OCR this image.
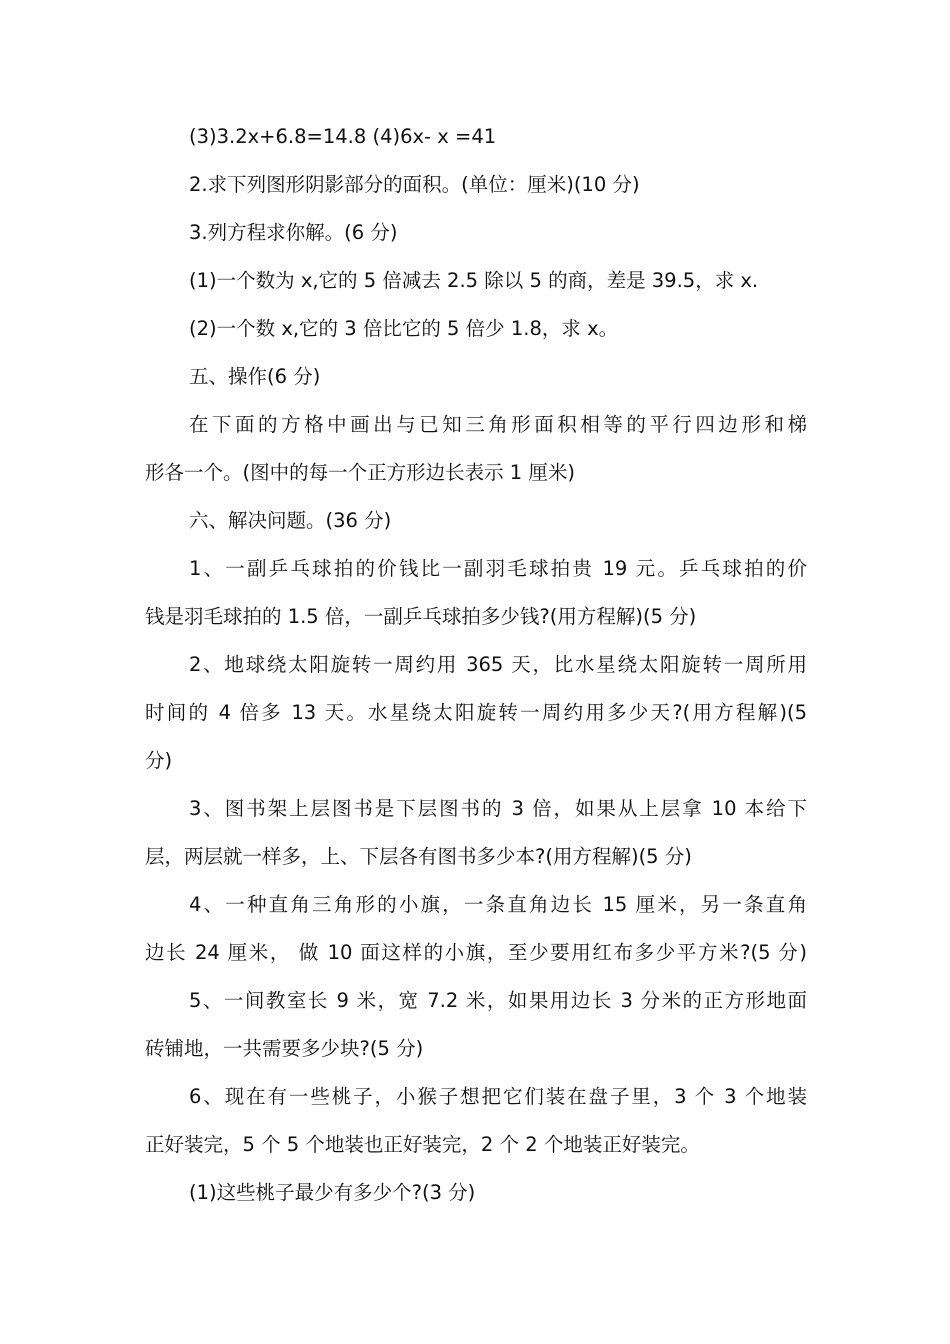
(3)3.2x+6.8=14.8 (4)6x- x =41
2.求下列图形阴影部分的面积。(单位：厘米)(10 分)
3.列方程求你解。(6 分)
(1)一个数为 x,它的 5 倍减去 2.5 除以 5 的商，差是 39.5，求 x.
(2)一个数 x,它的 3 倍比它的 5 倍少 1.8，求 x。
五、操作(6 分)
在下面的方格中画出与已知三角形面积相等的平行四边形和梯
形各一个。(图中的每一个正方形边长表示 1 厘米)
六、解决问题。(36 分)
1、一副乒乓球拍的价钱比一副羽毛球拍贵 19 元。乒乓球拍的价
钱是羽毛球拍的 1.5 倍，一副乒乓球拍多少钱?(用方程解)(5 分)
2、地球绕太阳旋转一周约用 365 天，比水星绕太阳旋转一周所用
时间的 4 倍多 13 天。水星绕太阳旋转一周约用多少天?(用方程解)(5
分)
3、图书架上层图书是下层图书的 3 倍，如果从上层拿 10 本给下
层，两层就一样多，上、下层各有图书多少本?(用方程解)(5 分)
4、一种直角三角形的小旗，一条直角边长 15 厘米，另一条直角
边长 24 厘米， 做 10 面这样的小旗，至少要用红布多少平方米?(5 分)
5、一间教室长 9 米，宽 7.2 米，如果用边长 3 分米的正方形地面
砖铺地，一共需要多少块?(5 分)
6、现在有一些桃子，小猴子想把它们装在盘子里，3 个 3 个地装
正好装完，5 个 5 个地装也正好装完，2 个 2 个地装正好装完。
(1)这些桃子最少有多少个?(3 分)
